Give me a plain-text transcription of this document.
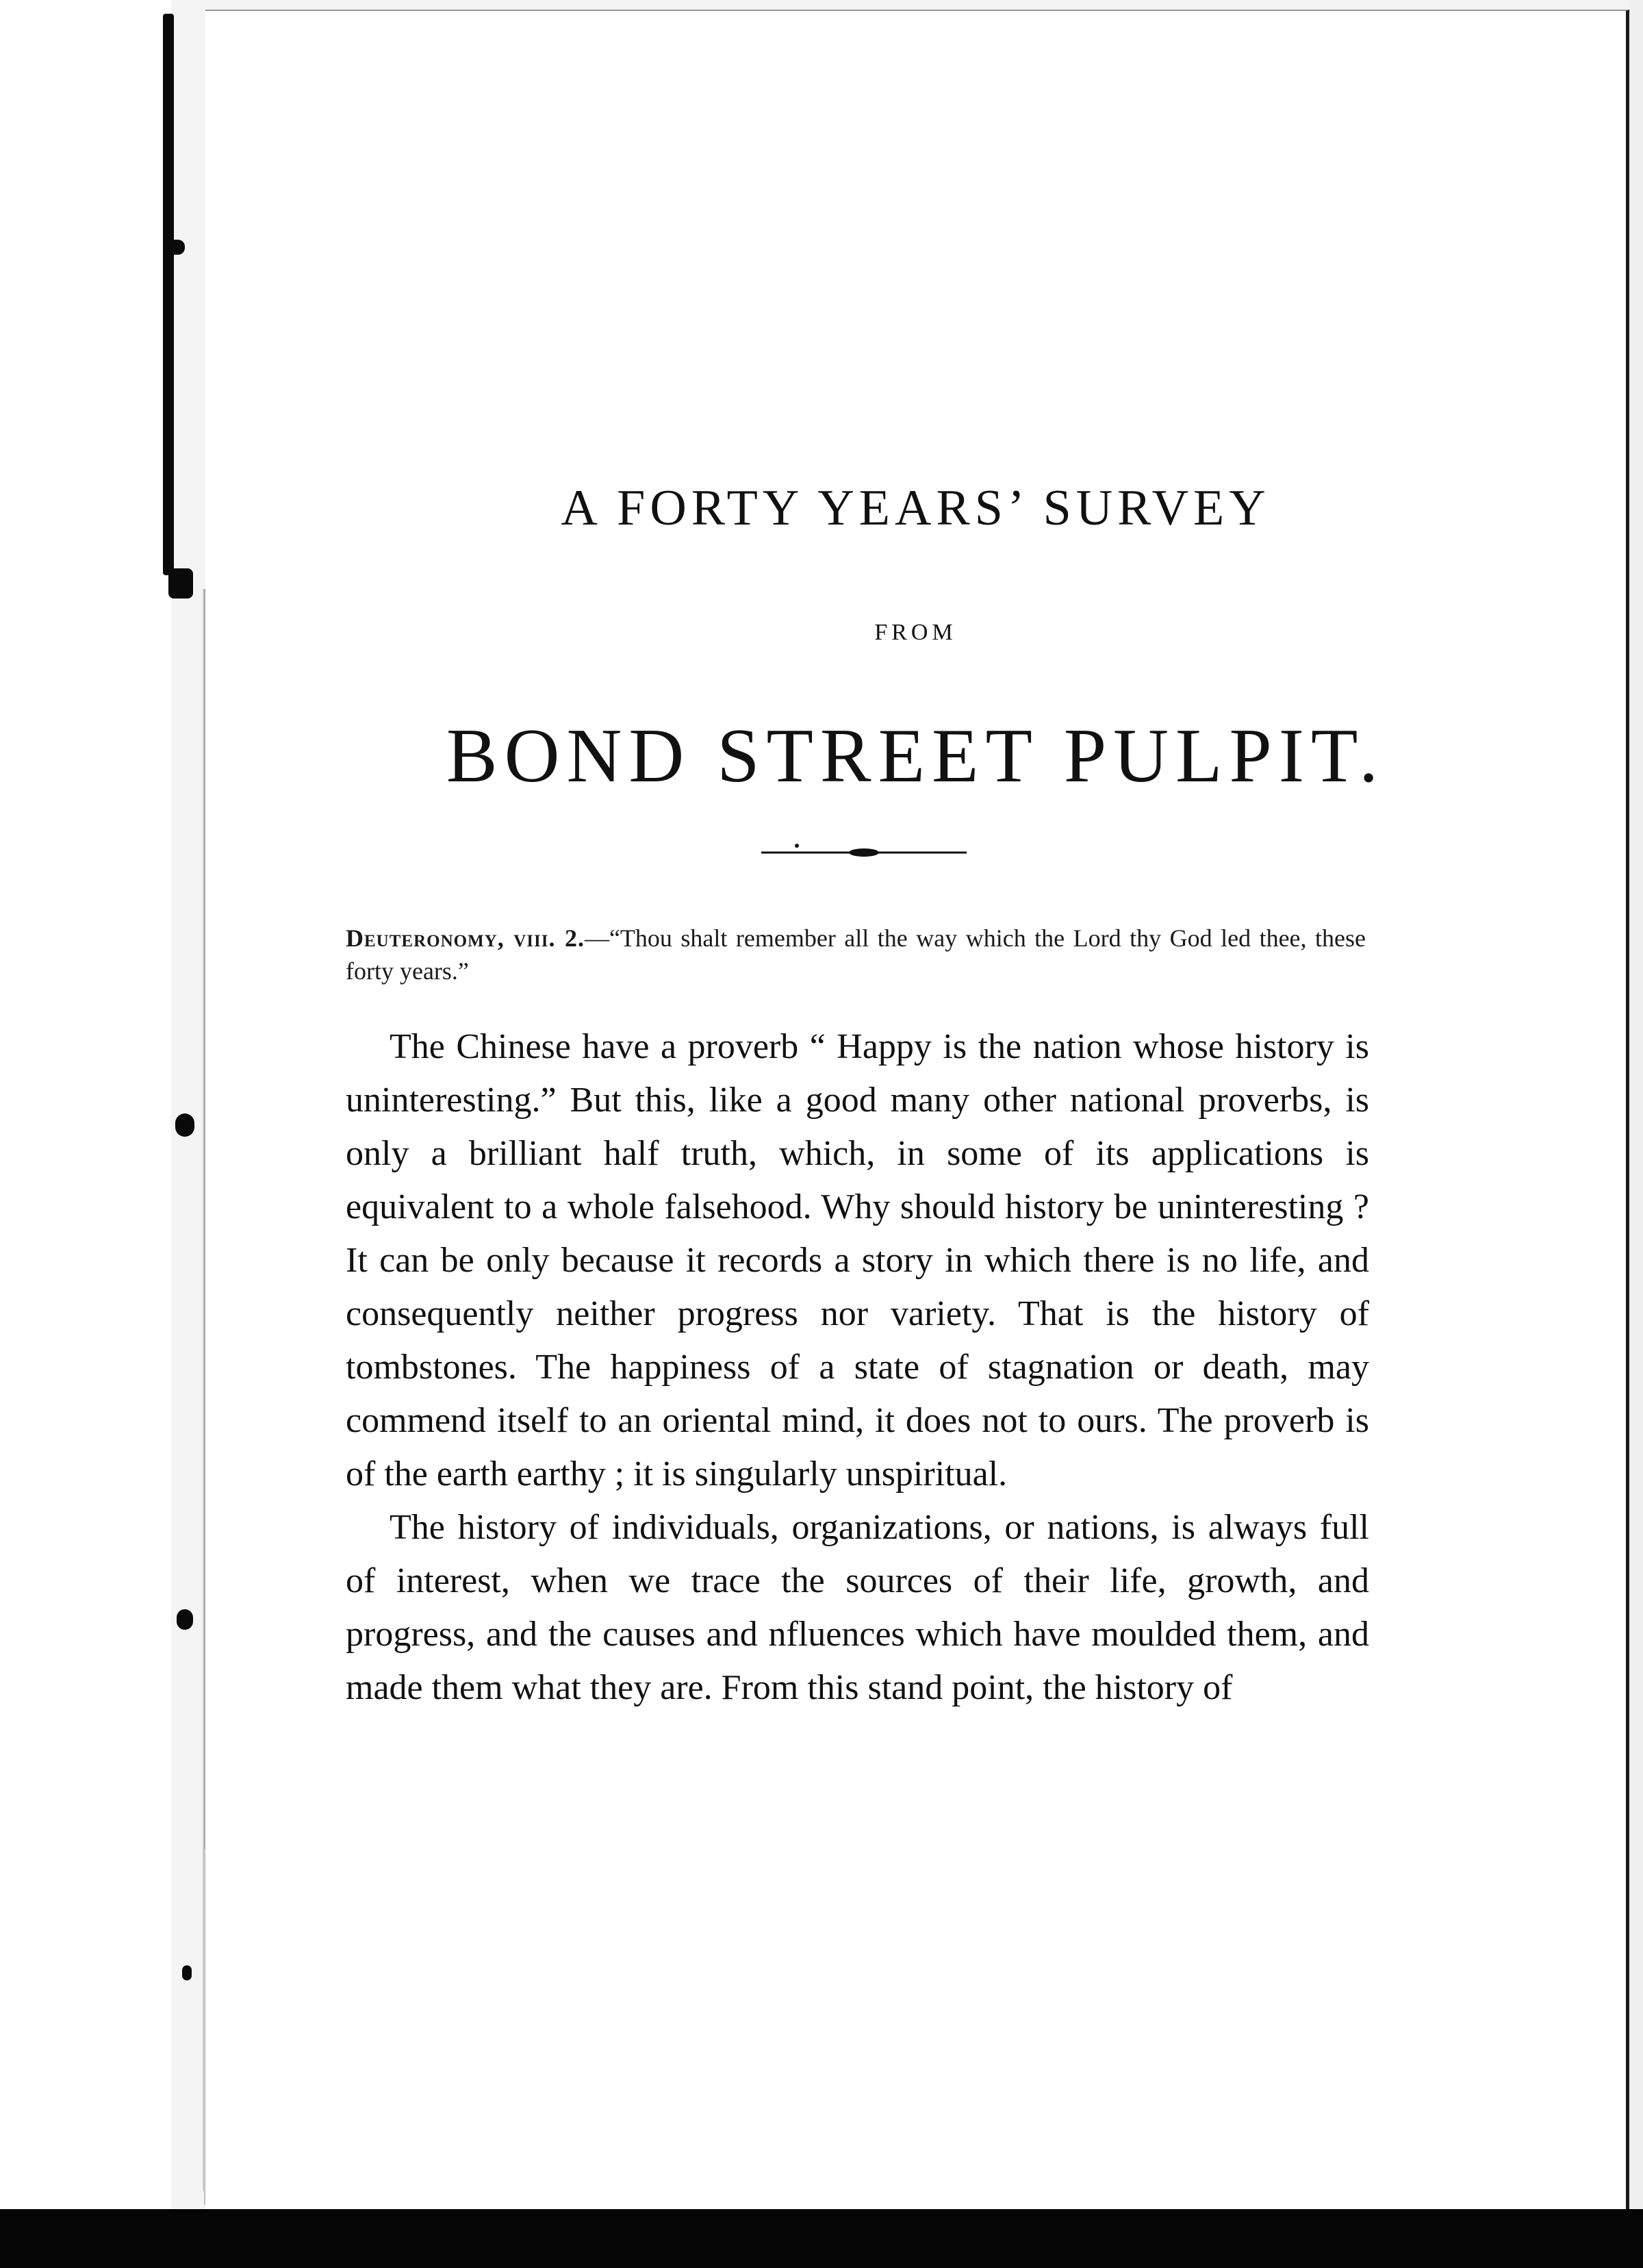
A FORTY YEARS’ SURVEY
FROM
BOND STREET PULPIT.
Deuteronomy, viii. 2.—“Thou shalt remember all the way which the Lord thy God led thee, these forty years.”

The Chinese have a proverb “ Happy is the nation whose history is uninteresting.” But this, like a good many other national proverbs, is only a brilliant half truth, which, in some of its applications is equivalent to a whole falsehood. Why should history be uninteresting ? It can be only because it records a story in which there is no life, and consequently neither progress nor variety. That is the history of tombstones. The happiness of a state of stagnation or death, may commend itself to an oriental mind, it does not to ours. The proverb is of the earth earthy ; it is singularly unspiritual.

The history of individuals, organizations, or nations, is always full of interest, when we trace the sources of their life, growth, and progress, and the causes and nfluences which have moulded them, and made them what they are. From this stand point, the history of
